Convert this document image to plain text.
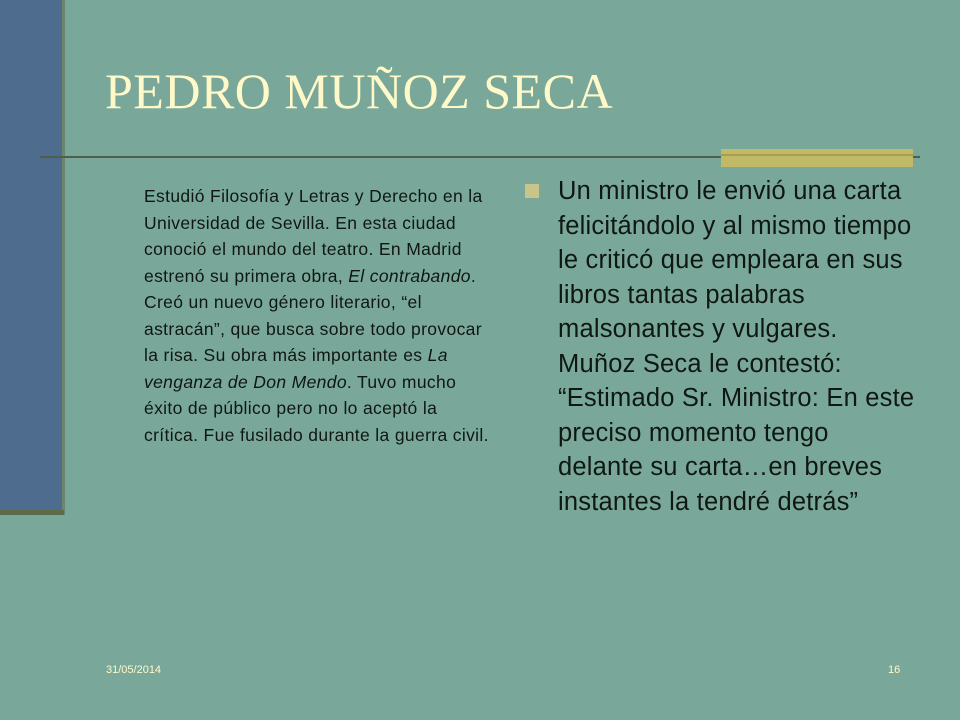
PEDRO MUÑOZ SECA

Estudió Filosofía y Letras y Derecho en la Universidad de Sevilla. En esta ciudad conoció el mundo del teatro. En Madrid estrenó su primera obra, El contrabando. Creó un nuevo género literario, “el astracán”, que busca sobre todo provocar la risa. Su obra más importante es La venganza de Don Mendo. Tuvo mucho éxito de público pero no lo aceptó la crítica. Fue fusilado durante la guerra civil.

Un ministro le envió una carta felicitándolo y al mismo tiempo le criticó que empleara en sus libros tantas palabras malsonantes y vulgares. Muñoz Seca le contestó: “Estimado Sr. Ministro: En este preciso momento tengo delante su carta…en breves instantes la tendré detrás”

31/05/2014	16
